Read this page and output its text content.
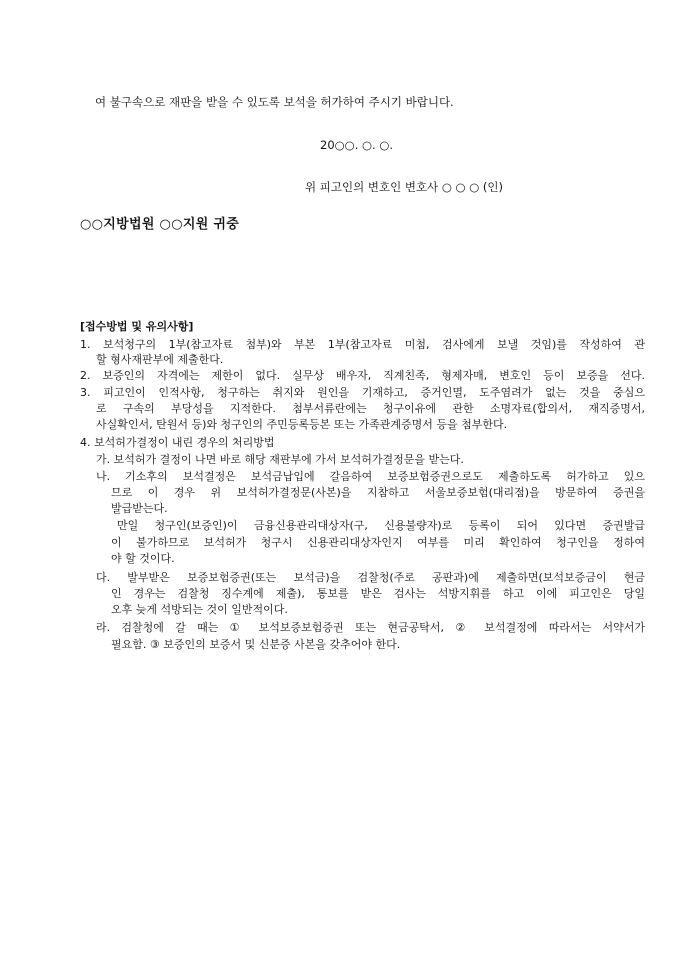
여 불구속으로 재판을 받을 수 있도록 보석을 허가하여 주시기 바랍니다.
20○○. ○. ○.
위 피고인의 변호인 변호사 ○ ○ ○ (인)
○○지방법원 ○○지원 귀중
[접수방법 및 유의사항]
1. 보석청구의 1부(참고자료 첨부)와 부본 1부(참고자료 미첨, 검사에게 보낼 것임)를 작성하여 관
할 형사재판부에 제출한다.
2. 보증인의 자격에는 제한이 없다. 실무상 배우자, 직계친족, 형제자매, 변호인 등이 보증을 선다.
3. 피고인이 인적사항, 청구하는 취지와 원인을 기재하고, 증거인멸, 도주염려가 없는 것을 중심으
로 구속의 부당성을 지적한다. 첨부서류란에는 청구이유에 관한 소명자료(합의서, 재직증명서,
사실확인서, 탄원서 등)와 청구인의 주민등록등본 또는 가족관계증명서 등을 첨부한다.
4. 보석허가결정이 내린 경우의 처리방법
가. 보석허가 결정이 나면 바로 해당 재판부에 가서 보석허가결정문을 받는다.
나. 기소후의 보석결정은 보석금납입에 갈음하여 보증보험증권으로도 제출하도록 허가하고 있으
므로 이 경우 위 보석허가결정문(사본)을 지참하고 서울보증보험(대리점)을 방문하여 증권을
발급받는다.
만일 청구인(보증인)이 금융신용관리대상자(구, 신용불량자)로 등록이 되어 있다면 증권발급
이 불가하므로 보석허가 청구시 신용관리대상자인지 여부를 미리 확인하여 청구인을 정하여
야 할 것이다.
다. 발부받은 보증보험증권(또는 보석금)을 검찰청(주로 공판과)에 제출하면(보석보증금이 현금
인 경우는 검찰청 징수계에 제출), 통보를 받은 검사는 석방지휘를 하고 이에 피고인은 당일
오후 늦게 석방되는 것이 일반적이다.
라. 검찰청에 갈 때는 ① 보석보증보험증권 또는 현금공탁서, ② 보석결정에 따라서는 서약서가
필요함. ③ 보증인의 보증서 및 신분증 사본을 갖추어야 한다.
